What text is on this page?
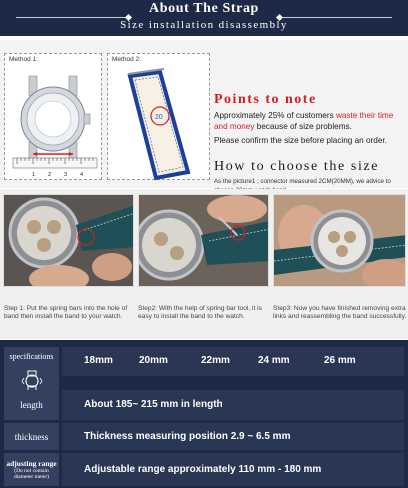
About The Strap
Size installation disassembly
Method 1:
1 2 3 4
Method 2:
20
Points to note
Approximately 25% of customers waste their time and money because of size problems.
Please confirm the size before placing an order.
How to choose the size
As the picture1 ; connector measured 2CM(20MM), we advice to
Step 1: Put the spring bars into the hole of band then install the band to your watch.
Step2: With the help of spring bar tool, it is easy to install the band to the watch.
Step3: Now you have finished removing extra links and reassembling the band successfully.
specifications	18mm	20mm	22mm	24 mm	26 mm
length	About 185~ 215 mm in length
thickness	Thickness measuring position 2.9 ~ 6.5 mm
adjusting range
(Do not contain diameter meter)
Adjustable range approximately 110 mm - 180 mm
